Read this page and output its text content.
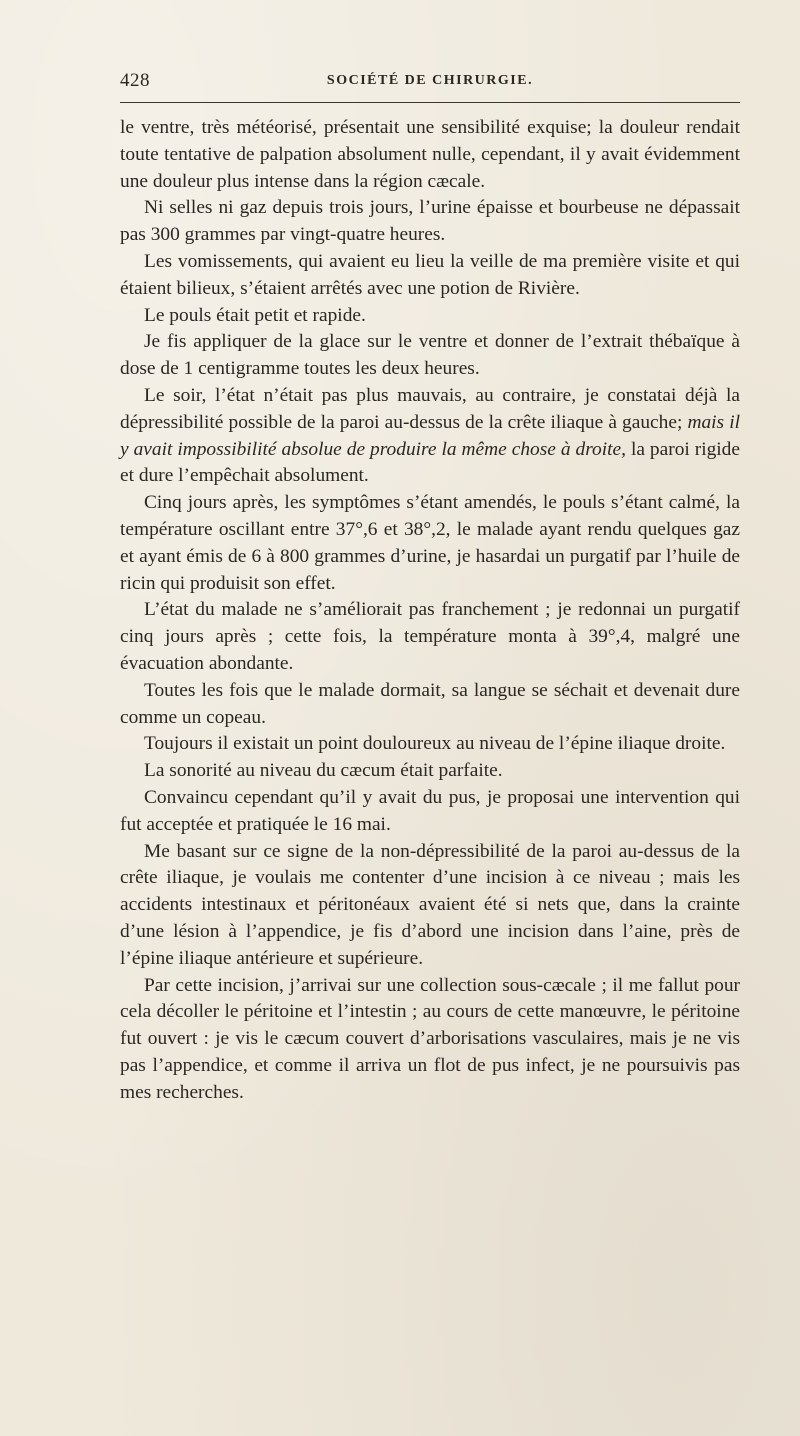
428	SOCIÉTÉ DE CHIRURGIE.

le ventre, très météorisé, présentait une sensibilité exquise; la douleur rendait toute tentative de palpation absolument nulle, cependant, il y avait évidemment une douleur plus intense dans la région cæcale.

Ni selles ni gaz depuis trois jours, l’urine épaisse et bourbeuse ne dépassait pas 300 grammes par vingt-quatre heures.

Les vomissements, qui avaient eu lieu la veille de ma première visite et qui étaient bilieux, s’étaient arrêtés avec une potion de Rivière.

Le pouls était petit et rapide.

Je fis appliquer de la glace sur le ventre et donner de l’extrait thébaïque à dose de 1 centigramme toutes les deux heures.

Le soir, l’état n’était pas plus mauvais, au contraire, je constatai déjà la dépressibilité possible de la paroi au-dessus de la crête iliaque à gauche; mais il y avait impossibilité absolue de produire la même chose à droite, la paroi rigide et dure l’empêchait absolument.

Cinq jours après, les symptômes s’étant amendés, le pouls s’étant calmé, la température oscillant entre 37°,6 et 38°,2, le malade ayant rendu quelques gaz et ayant émis de 6 à 800 grammes d’urine, je hasardai un purgatif par l’huile de ricin qui produisit son effet.

L’état du malade ne s’améliorait pas franchement ; je redonnai un purgatif cinq jours après ; cette fois, la température monta à 39°,4, malgré une évacuation abondante.

Toutes les fois que le malade dormait, sa langue se séchait et devenait dure comme un copeau.

Toujours il existait un point douloureux au niveau de l’épine iliaque droite.

La sonorité au niveau du cæcum était parfaite.

Convaincu cependant qu’il y avait du pus, je proposai une intervention qui fut acceptée et pratiquée le 16 mai.

Me basant sur ce signe de la non-dépressibilité de la paroi au-dessus de la crête iliaque, je voulais me contenter d’une incision à ce niveau ; mais les accidents intestinaux et péritonéaux avaient été si nets que, dans la crainte d’une lésion à l’appendice, je fis d’abord une incision dans l’aine, près de l’épine iliaque antérieure et supérieure.

Par cette incision, j’arrivai sur une collection sous-cæcale ; il me fallut pour cela décoller le péritoine et l’intestin ; au cours de cette manœuvre, le péritoine fut ouvert : je vis le cæcum couvert d’arborisations vasculaires, mais je ne vis pas l’appendice, et comme il arriva un flot de pus infect, je ne poursuivis pas mes recherches.
